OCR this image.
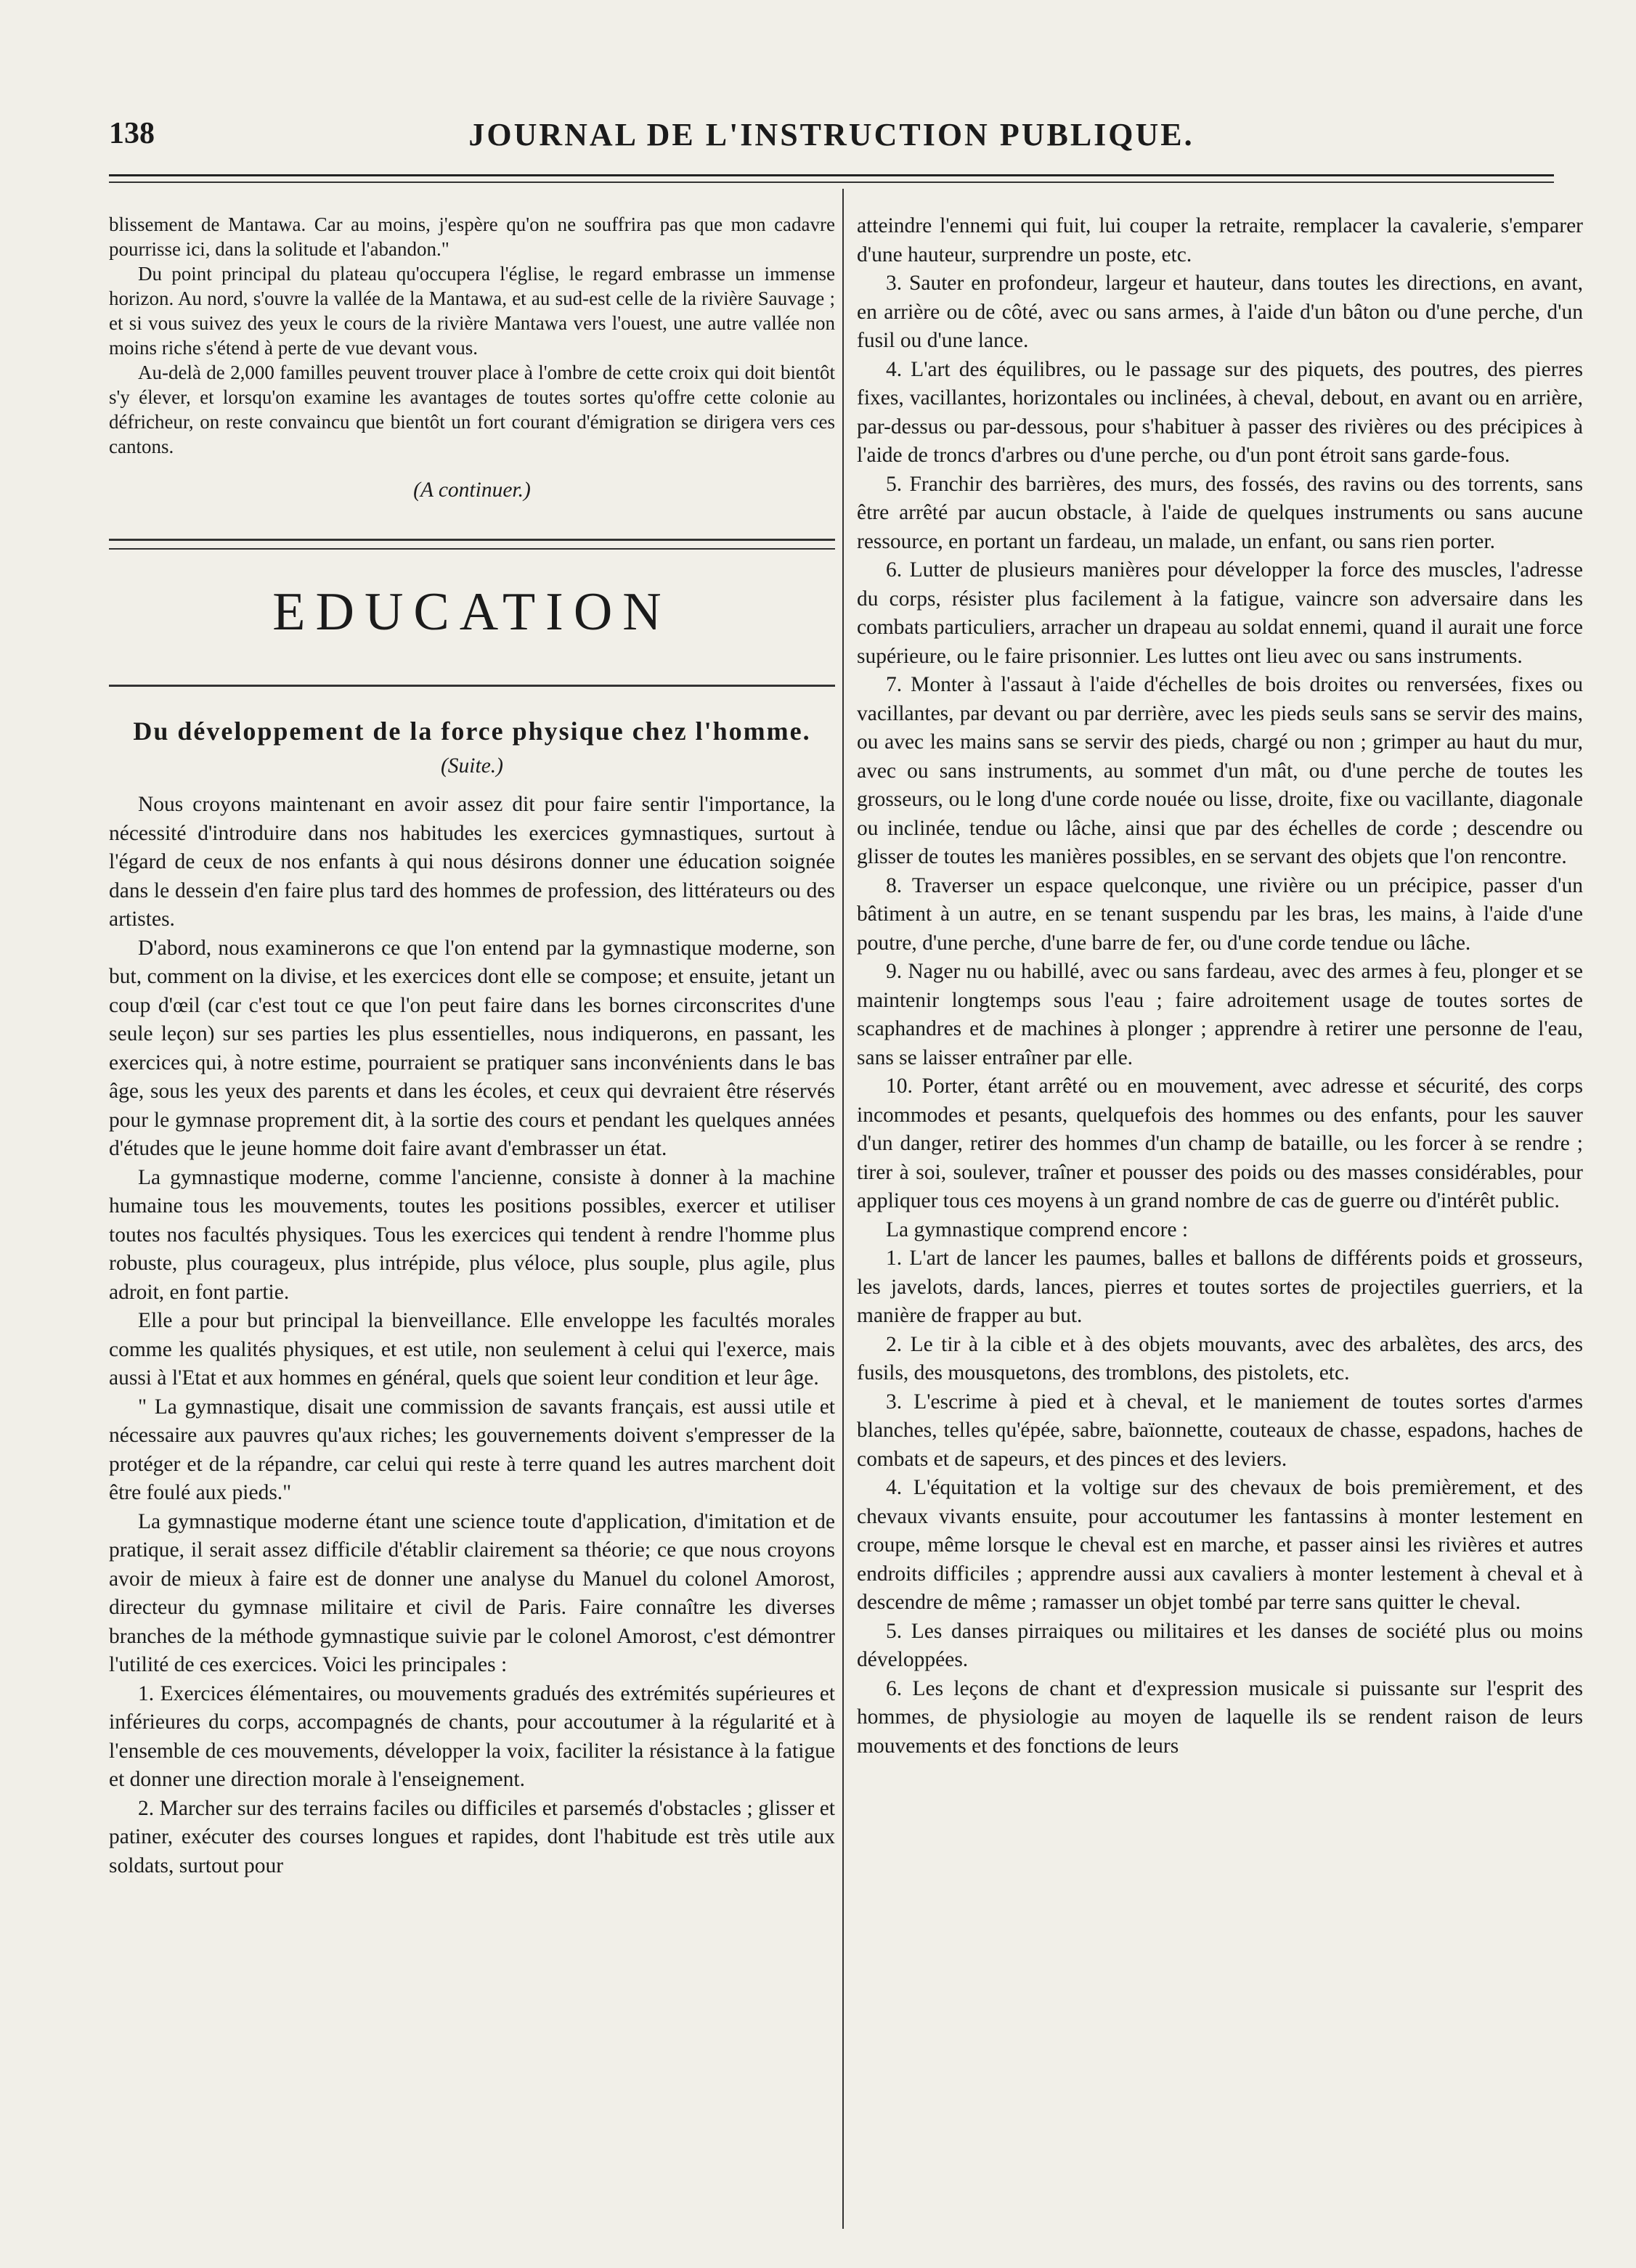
138	JOURNAL DE L'INSTRUCTION PUBLIQUE.

blissement de Mantawa. Car au moins, j'espère qu'on ne souffrira pas que mon cadavre pourrisse ici, dans la solitude et l'abandon."

Du point principal du plateau qu'occupera l'église, le regard embrasse un immense horizon. Au nord, s'ouvre la vallée de la Mantawa, et au sud-est celle de la rivière Sauvage ; et si vous suivez des yeux le cours de la rivière Mantawa vers l'ouest, une autre vallée non moins riche s'étend à perte de vue devant vous.

Au-delà de 2,000 familles peuvent trouver place à l'ombre de cette croix qui doit bientôt s'y élever, et lorsqu'on examine les avantages de toutes sortes qu'offre cette colonie au défricheur, on reste convaincu que bientôt un fort courant d'émigration se dirigera vers ces cantons.

(A continuer.)

EDUCATION
Du développement de la force physique chez l'homme.
(Suite.)

Nous croyons maintenant en avoir assez dit pour faire sentir l'importance, la nécessité d'introduire dans nos habitudes les exercices gymnastiques, surtout à l'égard de ceux de nos enfants à qui nous désirons donner une éducation soignée dans le dessein d'en faire plus tard des hommes de profession, des littérateurs ou des artistes.

D'abord, nous examinerons ce que l'on entend par la gymnastique moderne, son but, comment on la divise, et les exercices dont elle se compose; et ensuite, jetant un coup d'œil (car c'est tout ce que l'on peut faire dans les bornes circonscrites d'une seule leçon) sur ses parties les plus essentielles, nous indiquerons, en passant, les exercices qui, à notre estime, pourraient se pratiquer sans inconvénients dans le bas âge, sous les yeux des parents et dans les écoles, et ceux qui devraient être réservés pour le gymnase proprement dit, à la sortie des cours et pendant les quelques années d'études que le jeune homme doit faire avant d'embrasser un état.

La gymnastique moderne, comme l'ancienne, consiste à donner à la machine humaine tous les mouvements, toutes les positions possibles, exercer et utiliser toutes nos facultés physiques. Tous les exercices qui tendent à rendre l'homme plus robuste, plus courageux, plus intrépide, plus véloce, plus souple, plus agile, plus adroit, en font partie.

Elle a pour but principal la bienveillance. Elle enveloppe les facultés morales comme les qualités physiques, et est utile, non seulement à celui qui l'exerce, mais aussi à l'Etat et aux hommes en général, quels que soient leur condition et leur âge.

" La gymnastique, disait une commission de savants français, est aussi utile et nécessaire aux pauvres qu'aux riches; les gouvernements doivent s'empresser de la protéger et de la répandre, car celui qui reste à terre quand les autres marchent doit être foulé aux pieds."

La gymnastique moderne étant une science toute d'application, d'imitation et de pratique, il serait assez difficile d'établir clairement sa théorie; ce que nous croyons avoir de mieux à faire est de donner une analyse du Manuel du colonel Amorost, directeur du gymnase militaire et civil de Paris. Faire connaître les diverses branches de la méthode gymnastique suivie par le colonel Amorost, c'est démontrer l'utilité de ces exercices. Voici les principales :

1. Exercices élémentaires, ou mouvements gradués des extrémités supérieures et inférieures du corps, accompagnés de chants, pour accoutumer à la régularité et à l'ensemble de ces mouvements, développer la voix, faciliter la résistance à la fatigue et donner une direction morale à l'enseignement.

2. Marcher sur des terrains faciles ou difficiles et parsemés d'obstacles ; glisser et patiner, exécuter des courses longues et rapides, dont l'habitude est très utile aux soldats, surtout pour

atteindre l'ennemi qui fuit, lui couper la retraite, remplacer la cavalerie, s'emparer d'une hauteur, surprendre un poste, etc.

3. Sauter en profondeur, largeur et hauteur, dans toutes les directions, en avant, en arrière ou de côté, avec ou sans armes, à l'aide d'un bâton ou d'une perche, d'un fusil ou d'une lance.

4. L'art des équilibres, ou le passage sur des piquets, des poutres, des pierres fixes, vacillantes, horizontales ou inclinées, à cheval, debout, en avant ou en arrière, par-dessus ou par-dessous, pour s'habituer à passer des rivières ou des précipices à l'aide de troncs d'arbres ou d'une perche, ou d'un pont étroit sans garde-fous.

5. Franchir des barrières, des murs, des fossés, des ravins ou des torrents, sans être arrêté par aucun obstacle, à l'aide de quelques instruments ou sans aucune ressource, en portant un fardeau, un malade, un enfant, ou sans rien porter.

6. Lutter de plusieurs manières pour développer la force des muscles, l'adresse du corps, résister plus facilement à la fatigue, vaincre son adversaire dans les combats particuliers, arracher un drapeau au soldat ennemi, quand il aurait une force supérieure, ou le faire prisonnier. Les luttes ont lieu avec ou sans instruments.

7. Monter à l'assaut à l'aide d'échelles de bois droites ou renversées, fixes ou vacillantes, par devant ou par derrière, avec les pieds seuls sans se servir des mains, ou avec les mains sans se servir des pieds, chargé ou non ; grimper au haut du mur, avec ou sans instruments, au sommet d'un mât, ou d'une perche de toutes les grosseurs, ou le long d'une corde nouée ou lisse, droite, fixe ou vacillante, diagonale ou inclinée, tendue ou lâche, ainsi que par des échelles de corde ; descendre ou glisser de toutes les manières possibles, en se servant des objets que l'on rencontre.

8. Traverser un espace quelconque, une rivière ou un précipice, passer d'un bâtiment à un autre, en se tenant suspendu par les bras, les mains, à l'aide d'une poutre, d'une perche, d'une barre de fer, ou d'une corde tendue ou lâche.

9. Nager nu ou habillé, avec ou sans fardeau, avec des armes à feu, plonger et se maintenir longtemps sous l'eau ; faire adroitement usage de toutes sortes de scaphandres et de machines à plonger ; apprendre à retirer une personne de l'eau, sans se laisser entraîner par elle.

10. Porter, étant arrêté ou en mouvement, avec adresse et sécurité, des corps incommodes et pesants, quelquefois des hommes ou des enfants, pour les sauver d'un danger, retirer des hommes d'un champ de bataille, ou les forcer à se rendre ; tirer à soi, soulever, traîner et pousser des poids ou des masses considérables, pour appliquer tous ces moyens à un grand nombre de cas de guerre ou d'intérêt public.

La gymnastique comprend encore :

1. L'art de lancer les paumes, balles et ballons de différents poids et grosseurs, les javelots, dards, lances, pierres et toutes sortes de projectiles guerriers, et la manière de frapper au but.

2. Le tir à la cible et à des objets mouvants, avec des arbalètes, des arcs, des fusils, des mousquetons, des tromblons, des pistolets, etc.

3. L'escrime à pied et à cheval, et le maniement de toutes sortes d'armes blanches, telles qu'épée, sabre, baïonnette, couteaux de chasse, espadons, haches de combats et de sapeurs, et des pinces et des leviers.

4. L'équitation et la voltige sur des chevaux de bois premièrement, et des chevaux vivants ensuite, pour accoutumer les fantassins à monter lestement en croupe, même lorsque le cheval est en marche, et passer ainsi les rivières et autres endroits difficiles ; apprendre aussi aux cavaliers à monter lestement à cheval et à descendre de même ; ramasser un objet tombé par terre sans quitter le cheval.

5. Les danses pirraiques ou militaires et les danses de société plus ou moins développées.

6. Les leçons de chant et d'expression musicale si puissante sur l'esprit des hommes, de physiologie au moyen de laquelle ils se rendent raison de leurs mouvements et des fonctions de leurs
